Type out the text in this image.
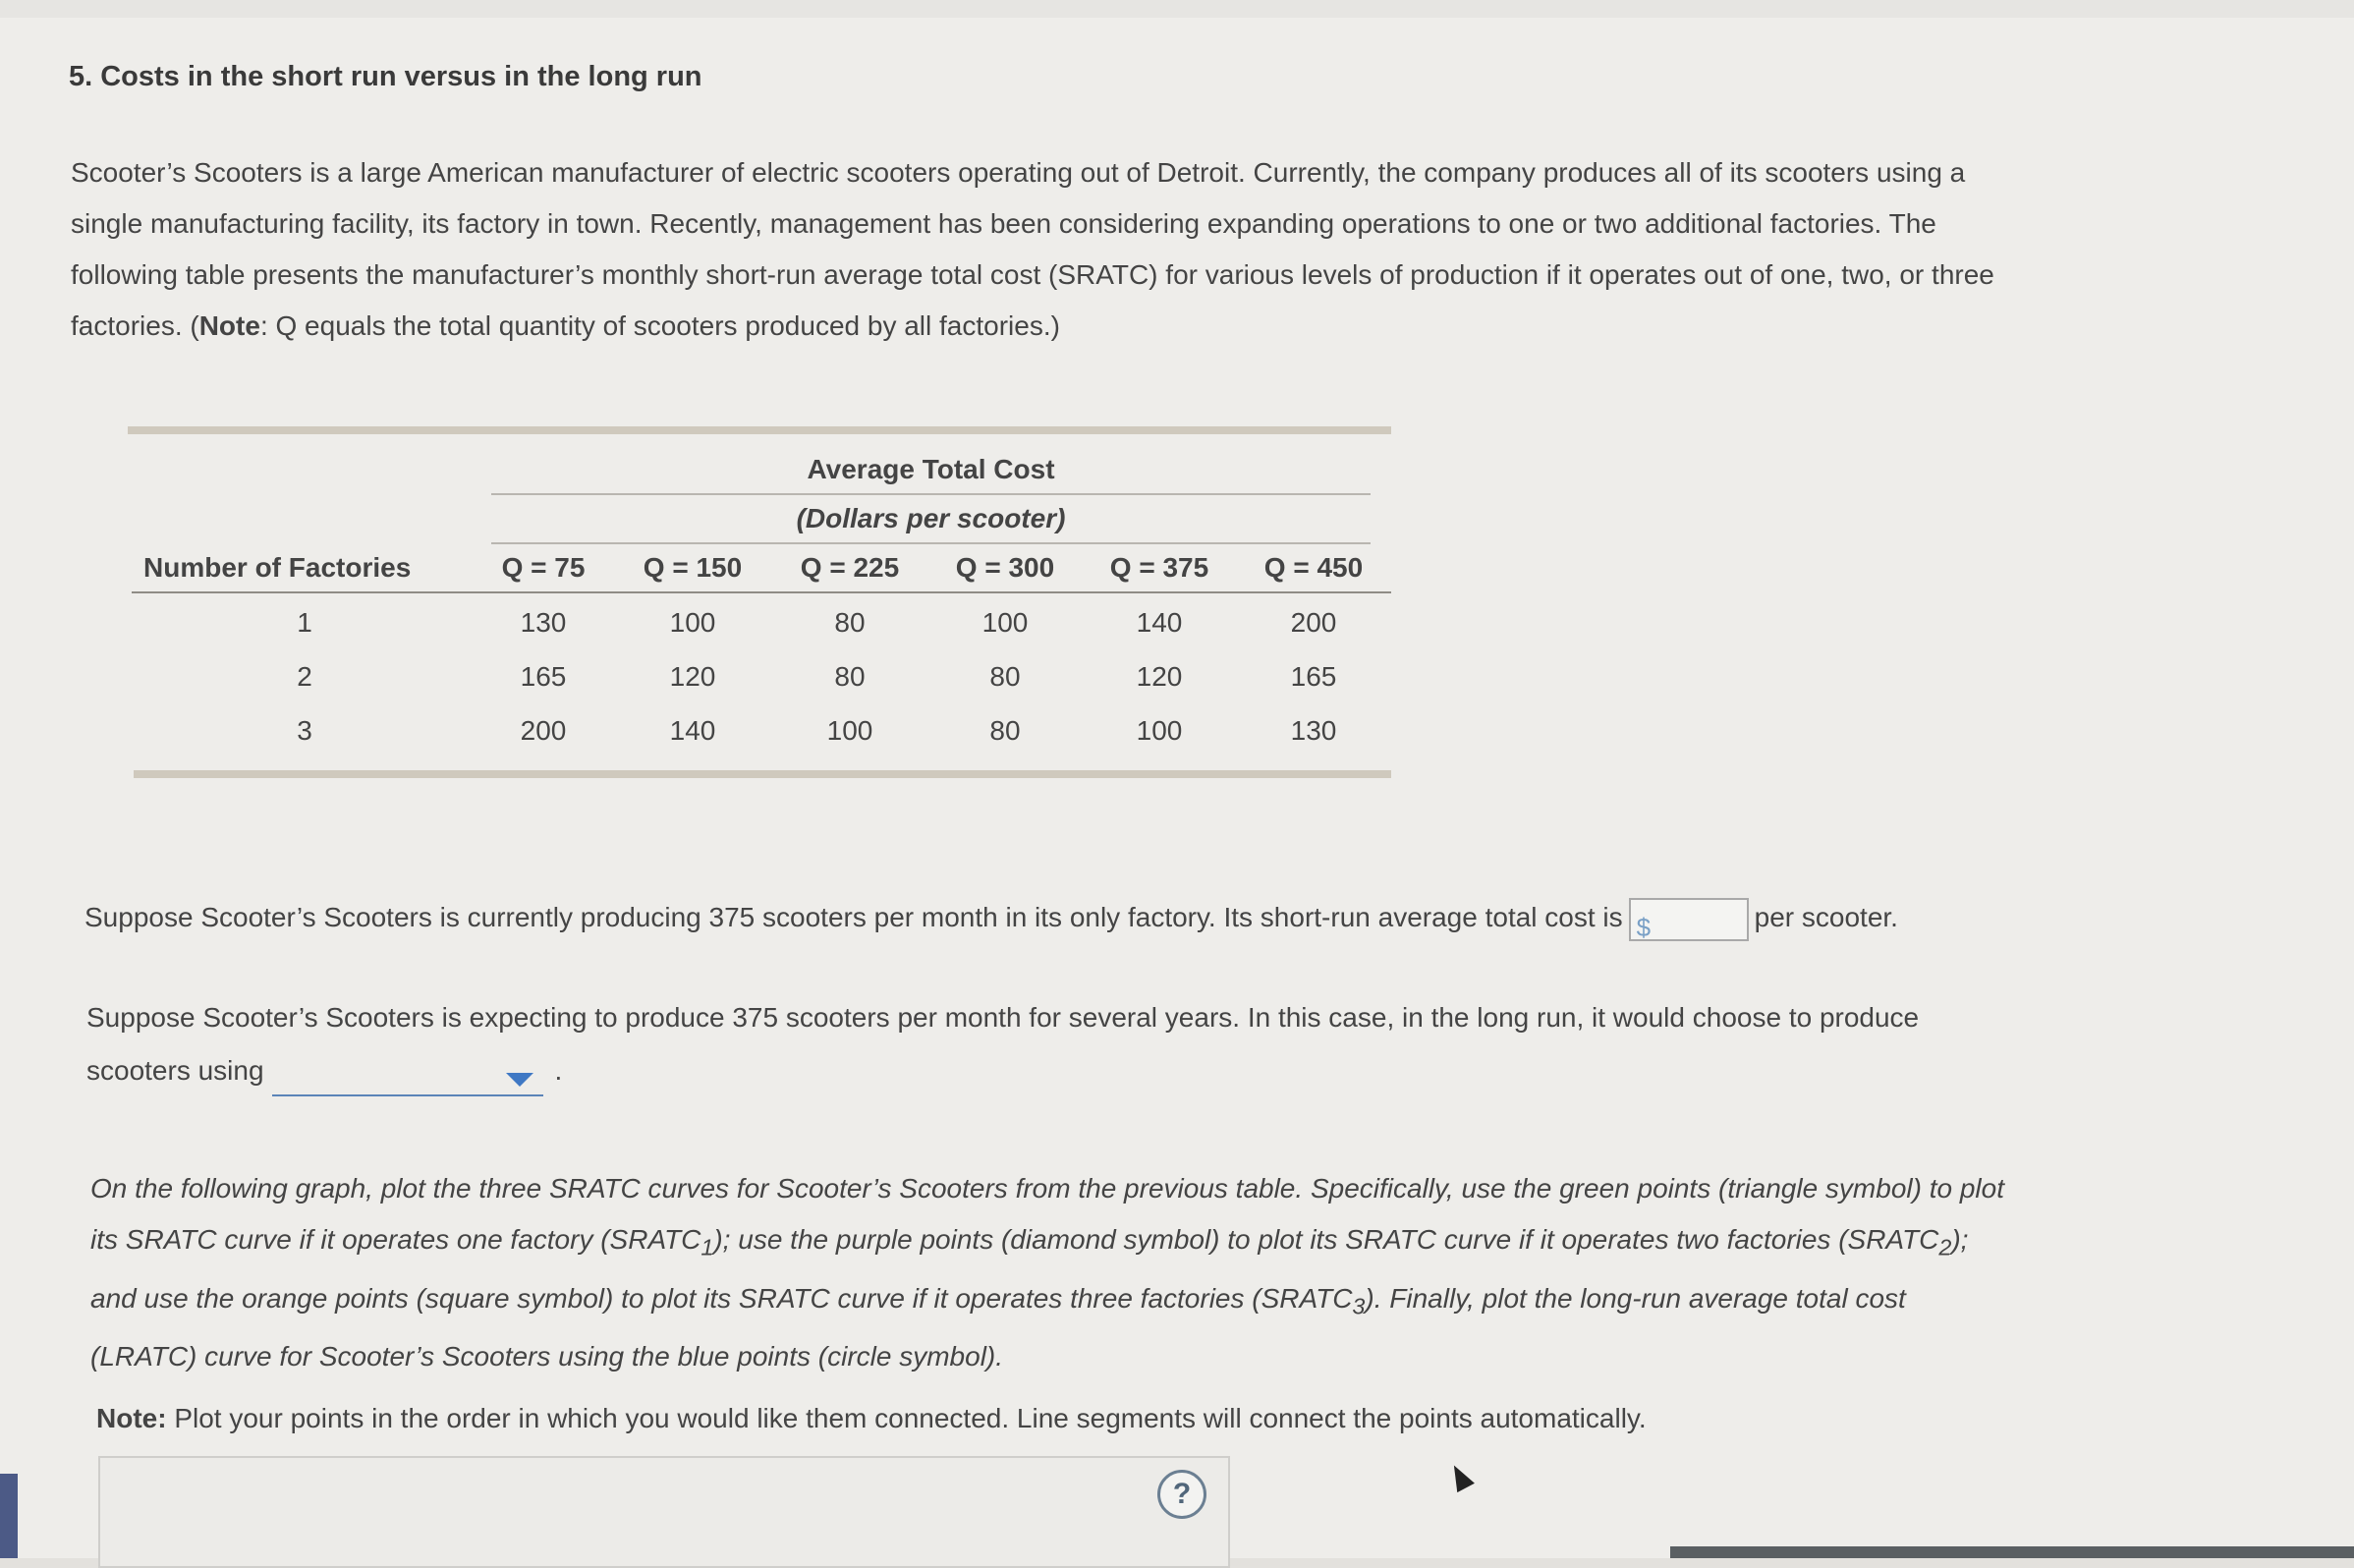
5. Costs in the short run versus in the long run
Scooter’s Scooters is a large American manufacturer of electric scooters operating out of Detroit. Currently, the company produces all of its scooters using a single manufacturing facility, its factory in town. Recently, management has been considering expanding operations to one or two additional factories. The following table presents the manufacturer’s monthly short-run average total cost (SRATC) for various levels of production if it operates out of one, two, or three factories. (Note: Q equals the total quantity of scooters produced by all factories.)
Average Total Cost
(Dollars per scooter)
Number of Factories	Q = 75	Q = 150	Q = 225	Q = 300	Q = 375	Q = 450
1	130	100	80	100	140	200
2	165	120	80	80	120	165
3	200	140	100	80	100	130
Suppose Scooter’s Scooters is currently producing 375 scooters per month in its only factory. Its short-run average total cost is $	per scooter.
Suppose Scooter’s Scooters is expecting to produce 375 scooters per month for several years. In this case, in the long run, it would choose to produce
scooters using	.
On the following graph, plot the three SRATC curves for Scooter’s Scooters from the previous table. Specifically, use the green points (triangle symbol) to plot its SRATC curve if it operates one factory $(SRATC_1)$; use the purple points (diamond symbol) to plot its SRATC curve if it operates two factories $(SRATC_2)$; and use the orange points (square symbol) to plot its SRATC curve if it operates three factories $(SRATC_3)$. Finally, plot the long-run average total cost (LRATC) curve for Scooter’s Scooters using the blue points (circle symbol).
Note: Plot your points in the order in which you would like them connected. Line segments will connect the points automatically.
?
